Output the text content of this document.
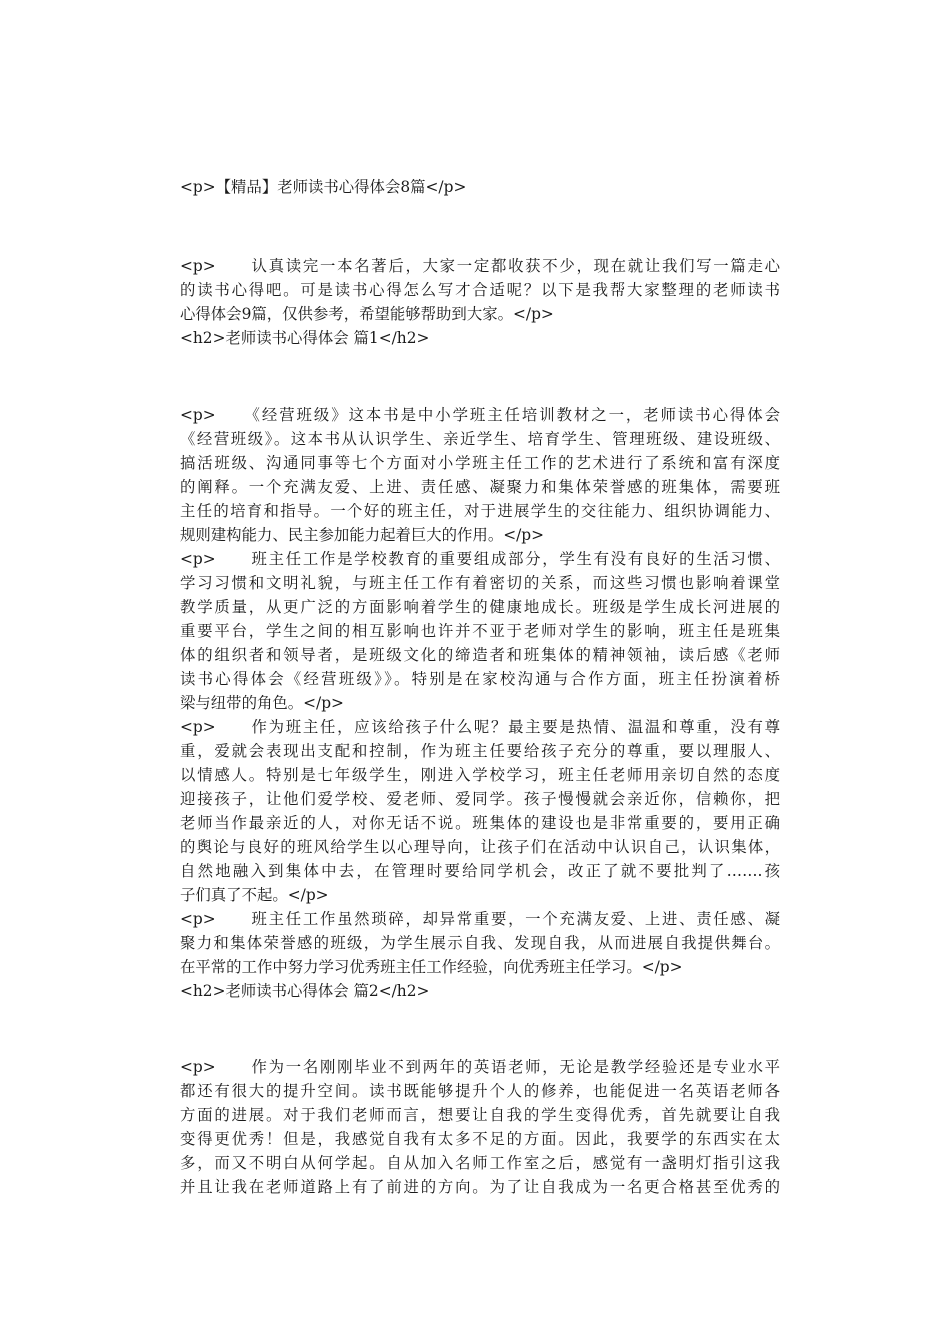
<p>【精品】老师读书心得体会8篇</p>
<p>　　认真读完一本名著后，大家一定都收获不少，现在就让我们写一篇走心
的读书心得吧。可是读书心得怎么写才合适呢？以下是我帮大家整理的老师读书
心得体会9篇，仅供参考，希望能够帮助到大家。</p>
<h2>老师读书心得体会 篇1</h2>
<p>　　《经营班级》这本书是中小学班主任培训教材之一，老师读书心得体会
《经营班级》。这本书从认识学生、亲近学生、培育学生、管理班级、建设班级、
搞活班级、沟通同事等七个方面对小学班主任工作的艺术进行了系统和富有深度
的阐释。一个充满友爱、上进、责任感、凝聚力和集体荣誉感的班集体，需要班
主任的培育和指导。一个好的班主任，对于进展学生的交往能力、组织协调能力、
规则建构能力、民主参加能力起着巨大的作用。</p>
<p>　　班主任工作是学校教育的重要组成部分，学生有没有良好的生活习惯、
学习习惯和文明礼貌，与班主任工作有着密切的关系，而这些习惯也影响着课堂
教学质量，从更广泛的方面影响着学生的健康地成长。班级是学生成长河进展的
重要平台，学生之间的相互影响也许并不亚于老师对学生的影响，班主任是班集
体的组织者和领导者，是班级文化的缔造者和班集体的精神领袖，读后感《老师
读书心得体会《经营班级》》。特别是在家校沟通与合作方面，班主任扮演着桥
梁与纽带的角色。</p>
<p>　　作为班主任，应该给孩子什么呢？最主要是热情、温温和尊重，没有尊
重，爱就会表现出支配和控制，作为班主任要给孩子充分的尊重，要以理服人、
以情感人。特别是七年级学生，刚进入学校学习，班主任老师用亲切自然的态度
迎接孩子，让他们爱学校、爱老师、爱同学。孩子慢慢就会亲近你，信赖你，把
老师当作最亲近的人，对你无话不说。班集体的建设也是非常重要的，要用正确
的舆论与良好的班风给学生以心理导向，让孩子们在活动中认识自己，认识集体，
自然地融入到集体中去，在管理时要给同学机会，改正了就不要批判了…….孩
子们真了不起。</p>
<p>　　班主任工作虽然琐碎，却异常重要，一个充满友爱、上进、责任感、凝
聚力和集体荣誉感的班级，为学生展示自我、发现自我，从而进展自我提供舞台。
在平常的工作中努力学习优秀班主任工作经验，向优秀班主任学习。</p>
<h2>老师读书心得体会 篇2</h2>
<p>　　作为一名刚刚毕业不到两年的英语老师，无论是教学经验还是专业水平
都还有很大的提升空间。读书既能够提升个人的修养，也能促进一名英语老师各
方面的进展。对于我们老师而言，想要让自我的学生变得优秀，首先就要让自我
变得更优秀！但是，我感觉自我有太多不足的方面。因此，我要学的东西实在太
多，而又不明白从何学起。自从加入名师工作室之后，感觉有一盏明灯指引这我
并且让我在老师道路上有了前进的方向。为了让自我成为一名更合格甚至优秀的
